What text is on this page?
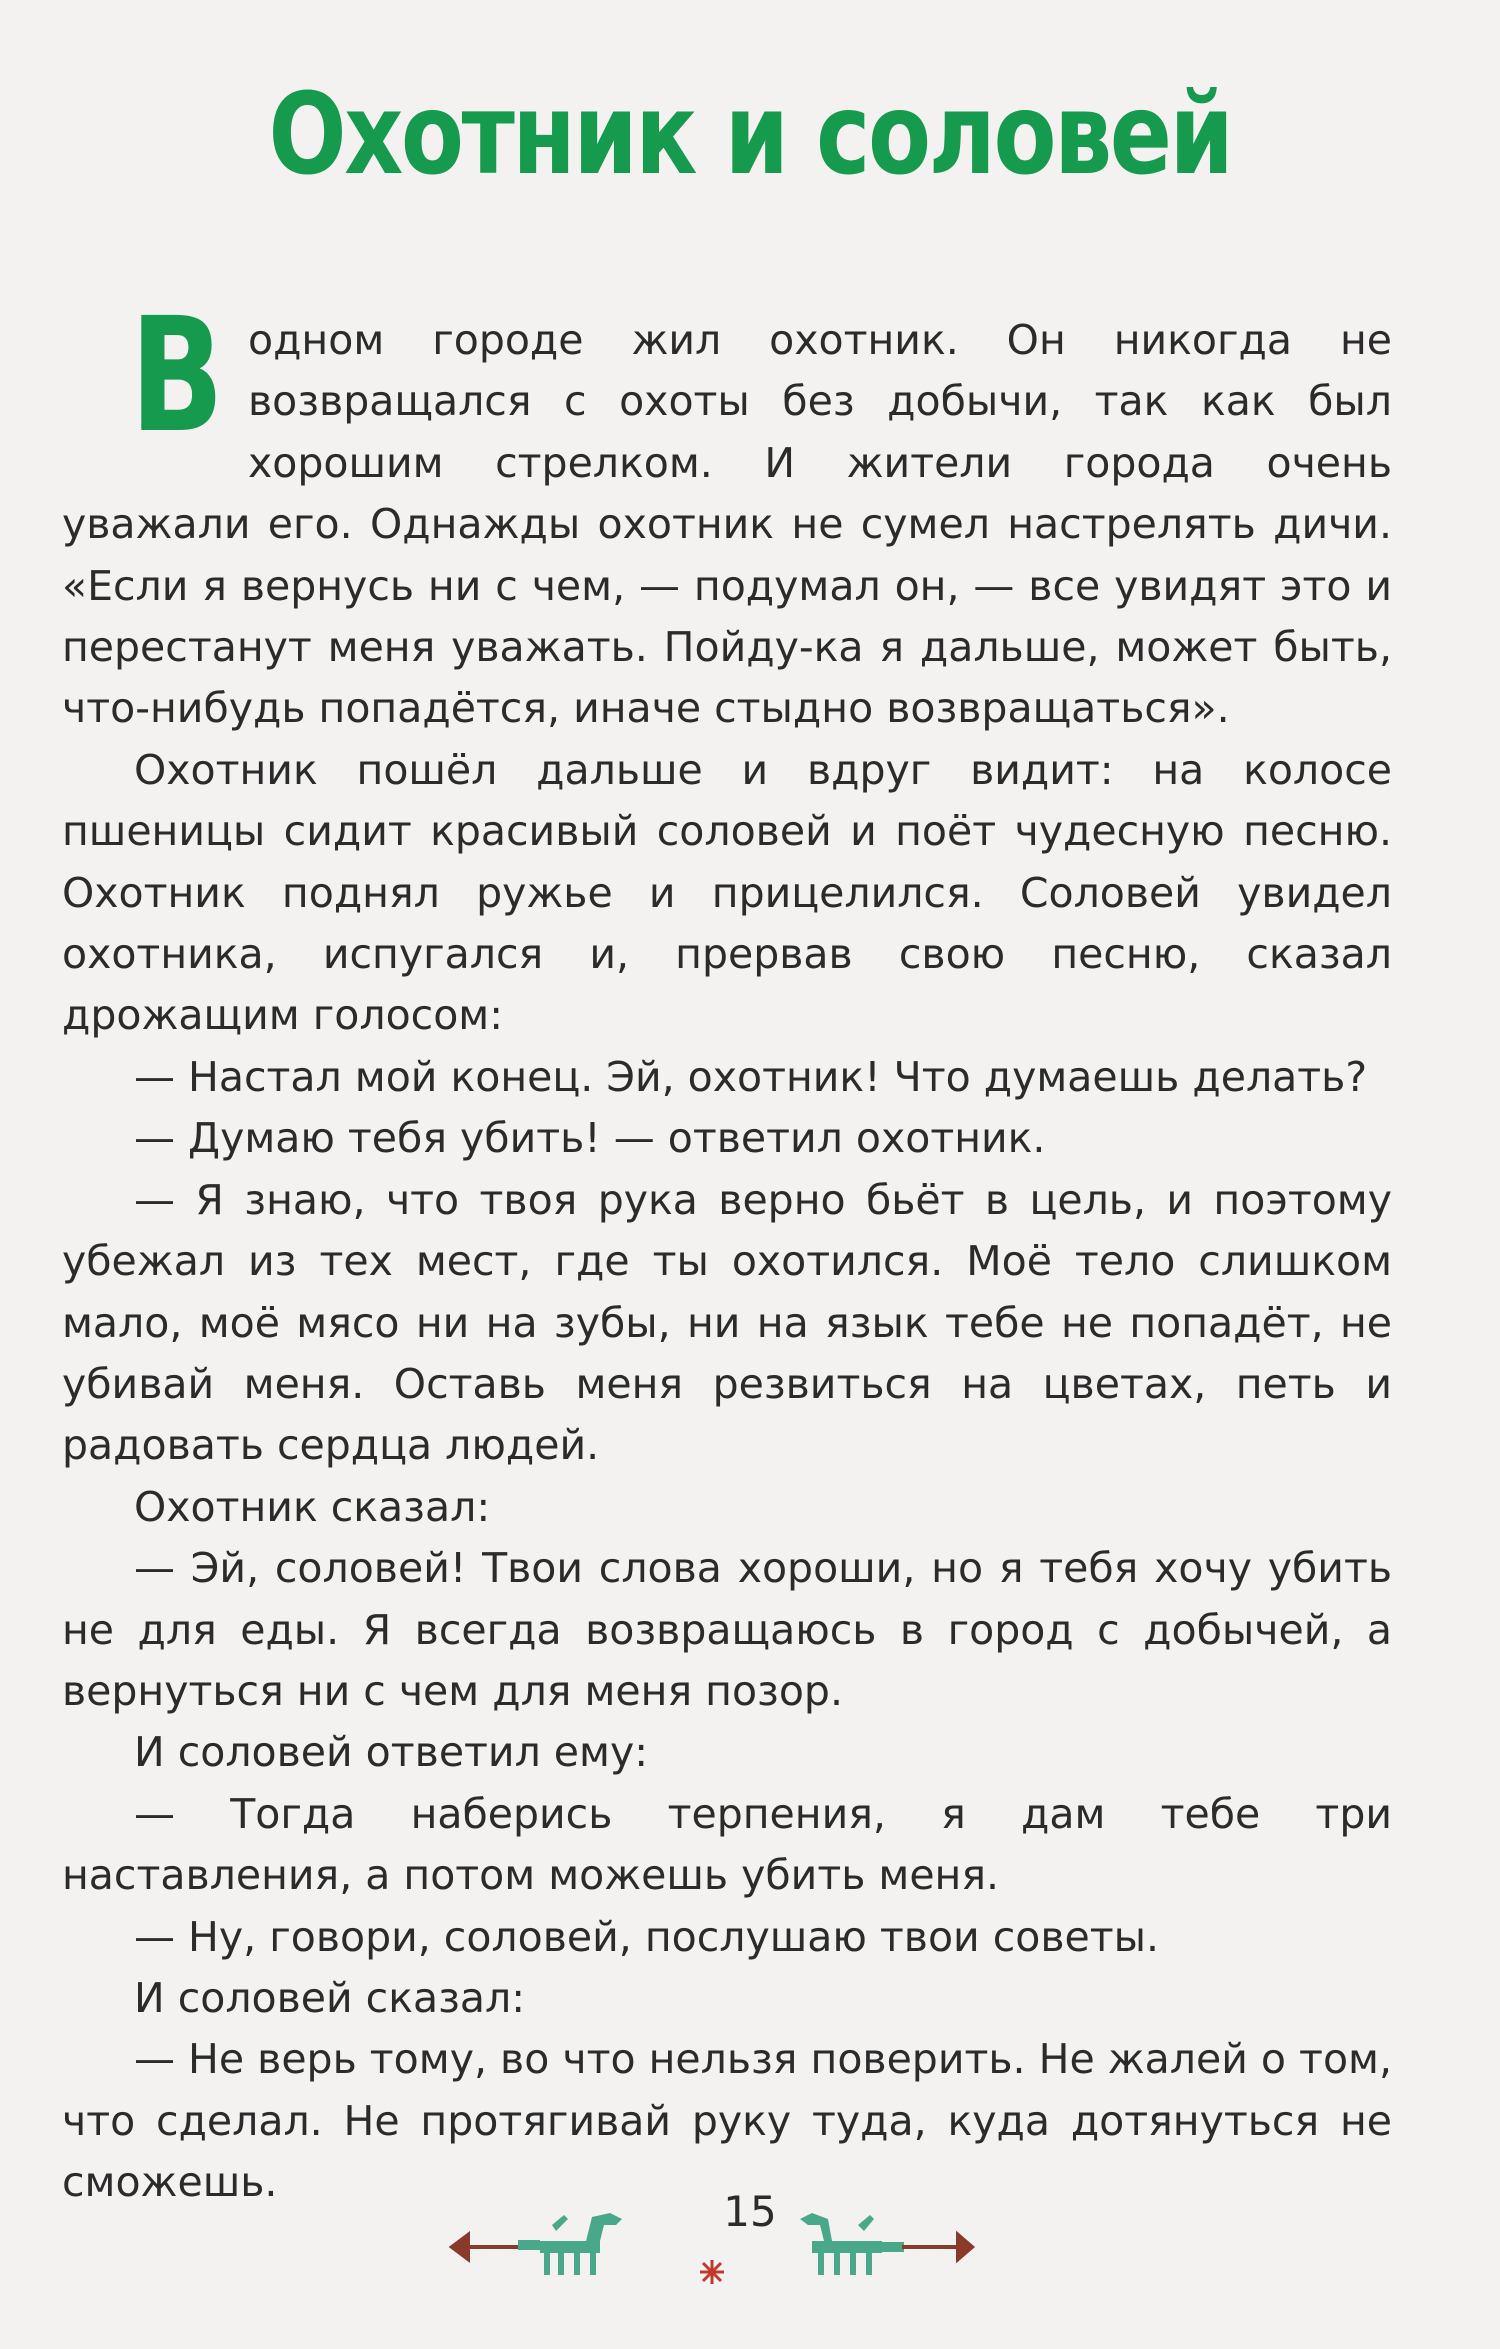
Охотник и соловей

В одном городе жил охотник. Он никогда не возвращался с охоты без добычи, так как был хорошим стрелком. И жители города очень уважали его. Однажды охотник не сумел настрелять дичи. «Если я вернусь ни с чем, — подумал он, — все увидят это и перестанут меня уважать. Пойду-ка я дальше, может быть, что-нибудь попадётся, иначе стыдно возвращаться».

Охотник пошёл дальше и вдруг видит: на колосе пшеницы сидит красивый соловей и поёт чудесную песню. Охотник поднял ружье и прицелился. Соловей увидел охотника, испугался и, прервав свою песню, сказал дрожащим голосом:

— Настал мой конец. Эй, охотник! Что думаешь делать?

— Думаю тебя убить! — ответил охотник.

— Я знаю, что твоя рука верно бьёт в цель, и поэтому убежал из тех мест, где ты охотился. Моё тело слишком мало, моё мясо ни на зубы, ни на язык тебе не попадёт, не убивай меня. Оставь меня резвиться на цветах, петь и радовать сердца людей.

Охотник сказал:

— Эй, соловей! Твои слова хороши, но я тебя хочу убить не для еды. Я всегда возвращаюсь в город с добычей, а вернуться ни с чем для меня позор.

И соловей ответил ему:

— Тогда наберись терпения, я дам тебе три наставления, а потом можешь убить меня.

— Ну, говори, соловей, послушаю твои советы.

И соловей сказал:

— Не верь тому, во что нельзя поверить. Не жалей о том, что сделал. Не протягивай руку туда, куда дотянуться не сможешь.

15
